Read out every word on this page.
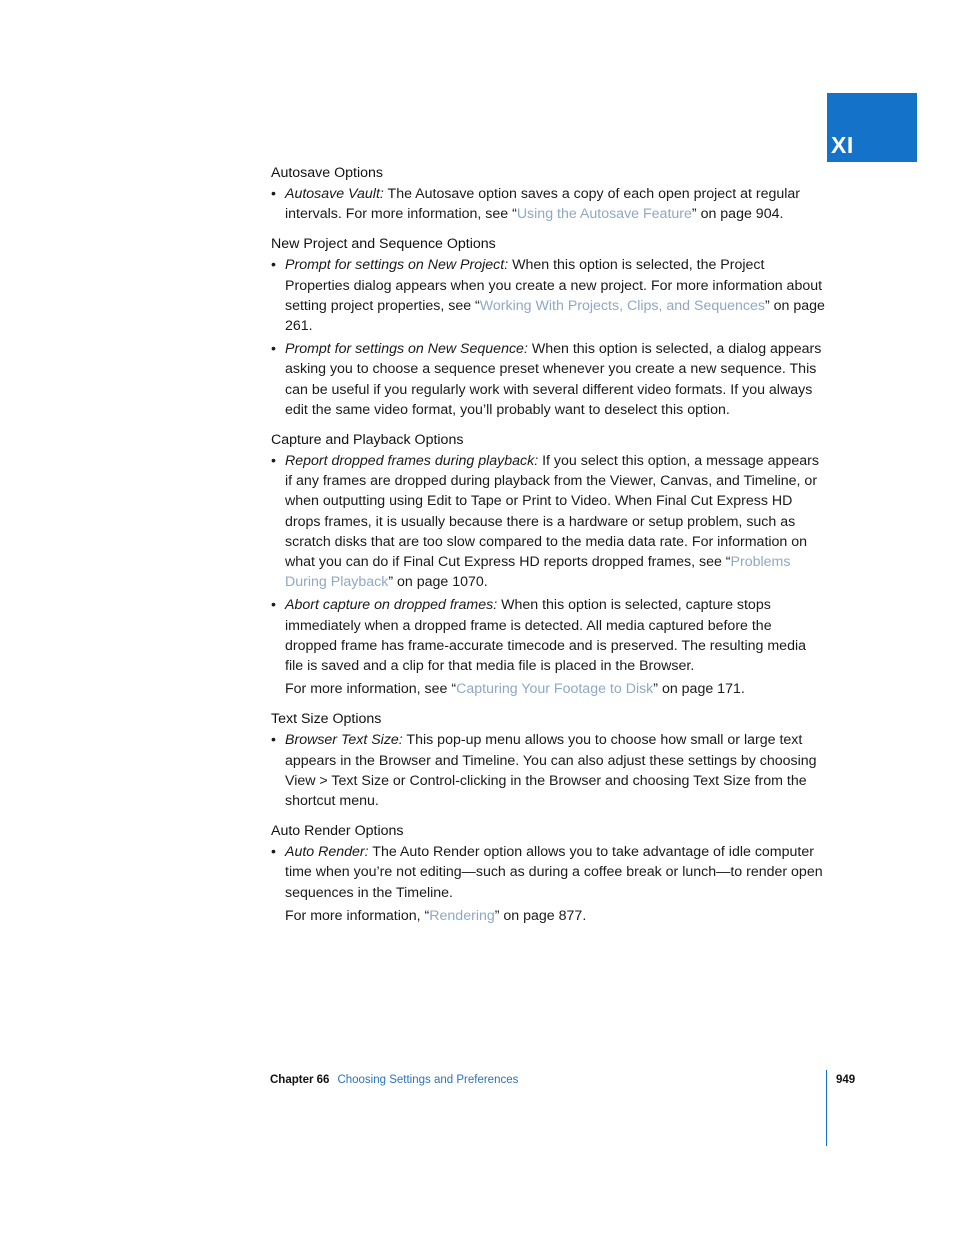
XI
Autosave Options
• Autosave Vault: The Autosave option saves a copy of each open project at regular intervals. For more information, see “Using the Autosave Feature” on page 904.
New Project and Sequence Options
• Prompt for settings on New Project: When this option is selected, the Project Properties dialog appears when you create a new project. For more information about setting project properties, see “Working With Projects, Clips, and Sequences” on page 261.
• Prompt for settings on New Sequence: When this option is selected, a dialog appears asking you to choose a sequence preset whenever you create a new sequence. This can be useful if you regularly work with several different video formats. If you always edit the same video format, you’ll probably want to deselect this option.
Capture and Playback Options
• Report dropped frames during playback: If you select this option, a message appears if any frames are dropped during playback from the Viewer, Canvas, and Timeline, or when outputting using Edit to Tape or Print to Video. When Final Cut Express HD drops frames, it is usually because there is a hardware or setup problem, such as scratch disks that are too slow compared to the media data rate. For information on what you can do if Final Cut Express HD reports dropped frames, see “Problems During Playback” on page 1070.
• Abort capture on dropped frames: When this option is selected, capture stops immediately when a dropped frame is detected. All media captured before the dropped frame has frame-accurate timecode and is preserved. The resulting media file is saved and a clip for that media file is placed in the Browser.

For more information, see “Capturing Your Footage to Disk” on page 171.

Text Size Options
• Browser Text Size: This pop-up menu allows you to choose how small or large text appears in the Browser and Timeline. You can also adjust these settings by choosing View > Text Size or Control-clicking in the Browser and choosing Text Size from the shortcut menu.
Auto Render Options
• Auto Render: The Auto Render option allows you to take advantage of idle computer time when you’re not editing—such as during a coffee break or lunch—to render open sequences in the Timeline.

For more information, “Rendering” on page 877.

Chapter 66 Choosing Settings and Preferences	949
